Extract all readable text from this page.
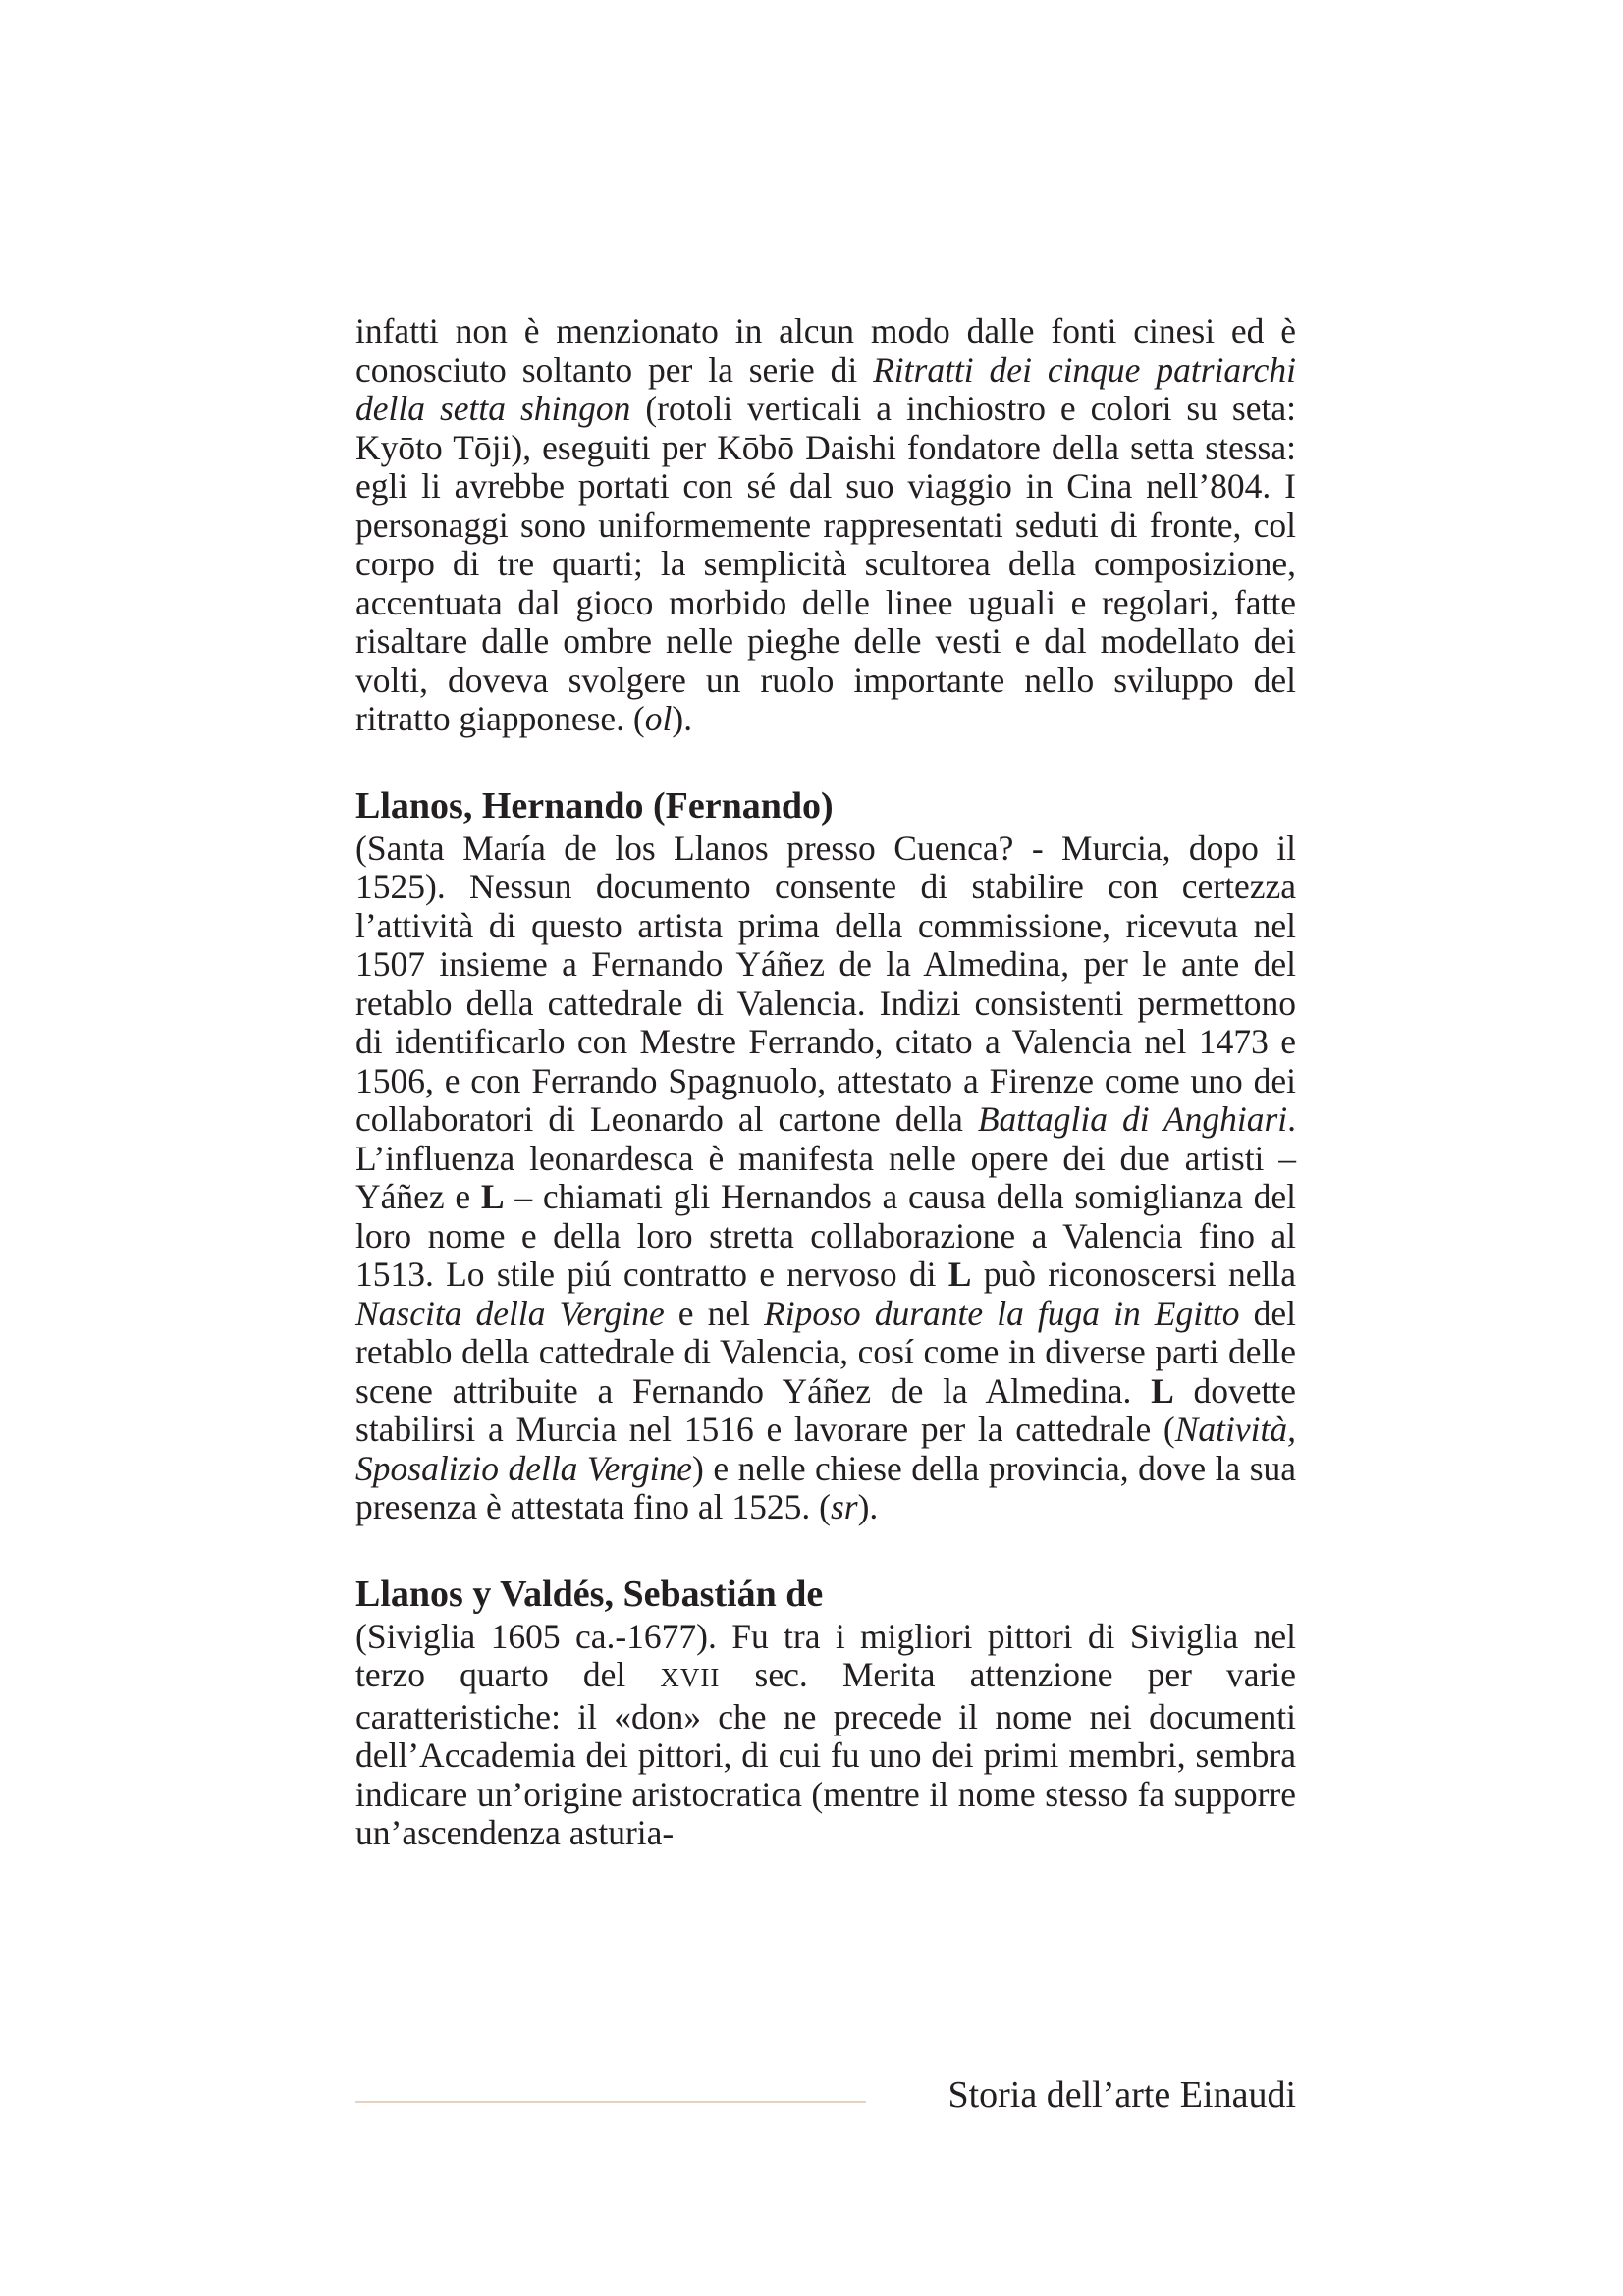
infatti non è menzionato in alcun modo dalle fonti cinesi ed è conosciuto soltanto per la serie di Ritratti dei cinque patriarchi della setta shingon (rotoli verticali a inchiostro e colori su seta: Kyōto Tōji), eseguiti per Kōbō Daishi fondatore della setta stessa: egli li avrebbe portati con sé dal suo viaggio in Cina nell’804. I personaggi sono uniformemente rappresentati seduti di fronte, col corpo di tre quarti; la semplicità scultorea della composizione, accentuata dal gioco morbido delle linee uguali e regolari, fatte risaltare dalle ombre nelle pieghe delle vesti e dal modellato dei volti, doveva svolgere un ruolo importante nello sviluppo del ritratto giapponese. (ol).

Llanos, Hernando (Fernando)

(Santa María de los Llanos presso Cuenca? - Murcia, dopo il 1525). Nessun documento consente di stabilire con certezza l’attività di questo artista prima della commissione, ricevuta nel 1507 insieme a Fernando Yáñez de la Almedina, per le ante del retablo della cattedrale di Valencia. Indizi consistenti permettono di identificarlo con Mestre Ferrando, citato a Valencia nel 1473 e 1506, e con Ferrando Spagnuolo, attestato a Firenze come uno dei collaboratori di Leonardo al cartone della Battaglia di Anghiari. L’influenza leonardesca è manifesta nelle opere dei due artisti – Yáñez e L – chiamati gli Hernandos a causa della somiglianza del loro nome e della loro stretta collaborazione a Valencia fino al 1513. Lo stile piú contratto e nervoso di L può riconoscersi nella Nascita della Vergine e nel Riposo durante la fuga in Egitto del retablo della cattedrale di Valencia, cosí come in diverse parti delle scene attribuite a Fernando Yáñez de la Almedina. L dovette stabilirsi a Murcia nel 1516 e lavorare per la cattedrale (Natività, Sposalizio della Vergine) e nelle chiese della provincia, dove la sua presenza è attestata fino al 1525. (sr).

Llanos y Valdés, Sebastián de

(Siviglia 1605 ca.-1677). Fu tra i migliori pittori di Siviglia nel terzo quarto del XVII sec. Merita attenzione per varie caratteristiche: il «don» che ne precede il nome nei documenti dell’Accademia dei pittori, di cui fu uno dei primi membri, sembra indicare un’origine aristocratica (mentre il nome stesso fa supporre un’ascendenza asturia-

Storia dell’arte Einaudi
